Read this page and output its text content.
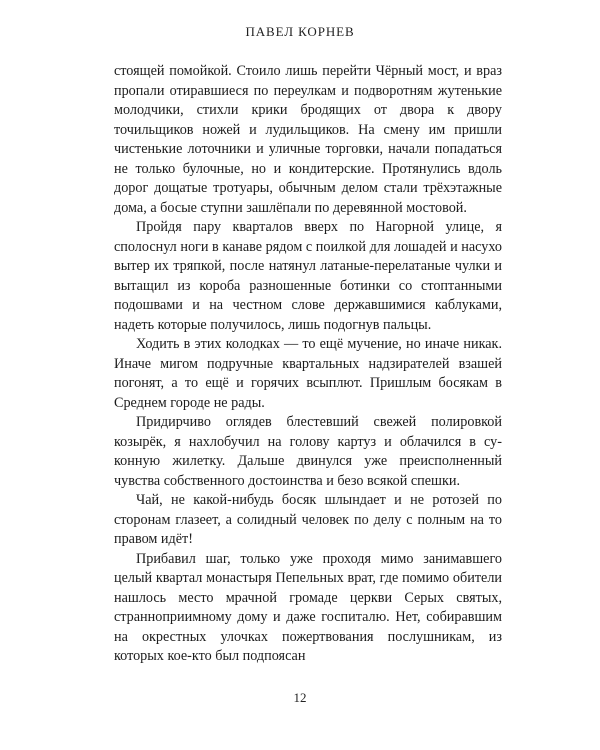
ПАВЕЛ КОРНЕВ

стоящей помойкой. Стоило лишь перейти Чёрный мост, и враз пропали отиравшиеся по переулкам и подворотням жутенькие молодчики, стихли крики бродящих от двора к двору точильщиков ножей и лудильщиков. На смену им пришли чистенькие лоточники и уличные торговки, начали попадаться не только булочные, но и кондитерские. Протянулись вдоль дорог дощатые тротуары, обычным делом стали трёхэтажные дома, а босые ступни зашлёпали по деревянной мостовой.

Пройдя пару кварталов вверх по Нагорной улице, я сполоснул ноги в канаве рядом с поилкой для лошадей и насухо вытер их тряпкой, после натянул латаные-перелатаные чулки и вытащил из короба разношенные ботинки со стоптанными подошвами и на честном слове державшимися каблуками, надеть которые получилось, лишь подогнув пальцы.

Ходить в этих колодках — то ещё мучение, но иначе никак. Иначе мигом подручные квартальных надзирателей взашей погонят, а то ещё и горячих всыплют. Пришлым босякам в Среднем городе не рады.

Придирчиво оглядев блестевший свежей полировкой козырёк, я нахлобучил на голову картуз и облачился в суконную жилетку. Дальше двинулся уже преисполненный чувства собственного достоинства и безо всякой спешки.

Чай, не какой-нибудь босяк шлындает и не ротозей по сторонам глазеет, а солидный человек по делу с полным на то правом идёт!

Прибавил шаг, только уже проходя мимо занимавшего целый квартал монастыря Пепельных врат, где помимо обители нашлось место мрачной громаде церкви Серых святых, странноприимному дому и даже госпиталю. Нет, собиравшим на окрестных улочках пожертвования послушникам, из которых кое-кто был подпоясан

12
